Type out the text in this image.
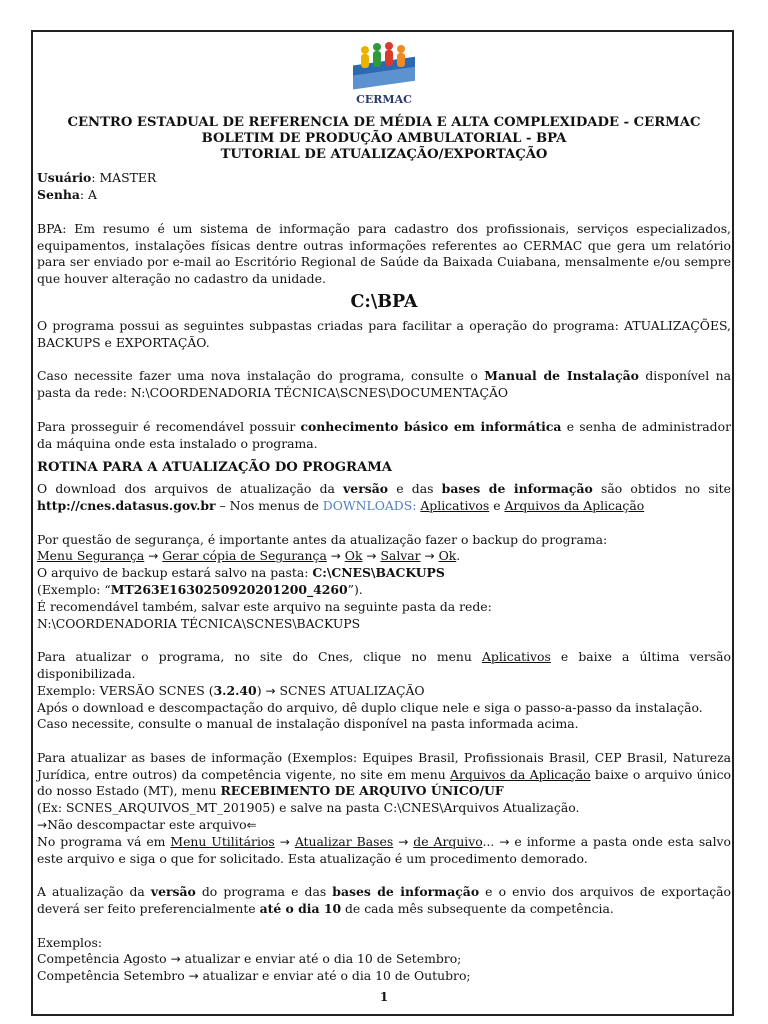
CERMAC
CENTRO ESTADUAL DE REFERENCIA DE MÉDIA E ALTA COMPLEXIDADE - CERMAC
BOLETIM DE PRODUÇÃO AMBULATORIAL - BPA
TUTORIAL DE ATUALIZAÇÃO/EXPORTAÇÃO

Usuário: MASTER

Senha: A

BPA: Em resumo é um sistema de informação para cadastro dos profissionais, serviços especializados, equipamentos, instalações físicas dentre outras informações referentes ao CERMAC que gera um relatório para ser enviado por e-mail ao Escritório Regional de Saúde da Baixada Cuiabana, mensalmente e/ou sempre que houver alteração no cadastro da unidade.

C:\BPA

O programa possui as seguintes subpastas criadas para facilitar a operação do programa: ATUALIZAÇÕES, BACKUPS e EXPORTAÇÃO.

Caso necessite fazer uma nova instalação do programa, consulte o Manual de Instalação disponível na pasta da rede: N:\COORDENADORIA TÉCNICA\SCNES\DOCUMENTAÇÃO

Para prosseguir é recomendável possuir conhecimento básico em informática e senha de administrador da máquina onde esta instalado o programa.

ROTINA PARA A ATUALIZAÇÃO DO PROGRAMA

O download dos arquivos de atualização da versão e das bases de informação são obtidos no site http://cnes.datasus.gov.br – Nos menus de DOWNLOADS: Aplicativos e Arquivos da Aplicação

Por questão de segurança, é importante antes da atualização fazer o backup do programa:

Menu Segurança → Gerar cópia de Segurança → Ok → Salvar → Ok.

O arquivo de backup estará salvo na pasta: C:\CNES\BACKUPS

(Exemplo: “MT263E1630250920201200_4260”).

É recomendável também, salvar este arquivo na seguinte pasta da rede:

N:\COORDENADORIA TÉCNICA\SCNES\BACKUPS

Para atualizar o programa, no site do Cnes, clique no menu Aplicativos e baixe a última versão disponibilizada.

Exemplo: VERSÃO SCNES (3.2.40) → SCNES ATUALIZAÇÃO

Após o download e descompactação do arquivo, dê duplo clique nele e siga o passo-a-passo da instalação.

Caso necessite, consulte o manual de instalação disponível na pasta informada acima.

Para atualizar as bases de informação (Exemplos: Equipes Brasil, Profissionais Brasil, CEP Brasil, Natureza Jurídica, entre outros) da competência vigente, no site em menu Arquivos da Aplicação baixe o arquivo único do nosso Estado (MT), menu RECEBIMENTO DE ARQUIVO ÚNICO/UF

(Ex: SCNES_ARQUIVOS_MT_201905) e salve na pasta C:\CNES\Arquivos Atualização.

→Não descompactar este arquivo⇐

No programa vá em Menu Utilitários → Atualizar Bases → de Arquivo... → e informe a pasta onde esta salvo este arquivo e siga o que for solicitado. Esta atualização é um procedimento demorado.

A atualização da versão do programa e das bases de informação e o envio dos arquivos de exportação deverá ser feito preferencialmente até o dia 10 de cada mês subsequente da competência.

Exemplos:

Competência Agosto → atualizar e enviar até o dia 10 de Setembro;

Competência Setembro → atualizar e enviar até o dia 10 de Outubro;

1
